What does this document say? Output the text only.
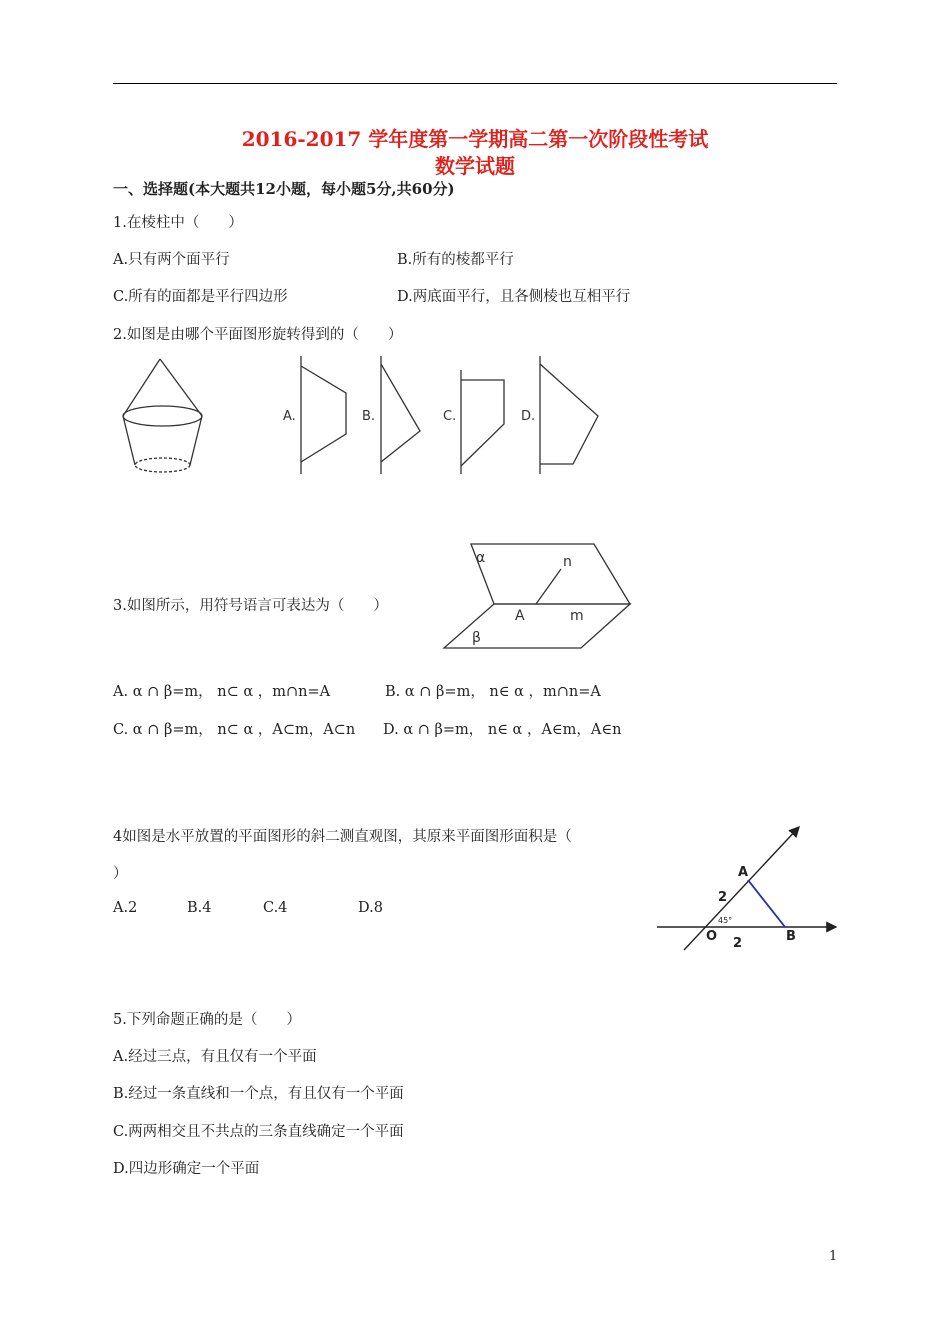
2016-2017 学年度第一学期高二第一次阶段性考试
数学试题
一、选择题(本大题共12小题，每小题5分,共60分)
1.在棱柱中（　　）
A.只有两个面平行	B.所有的棱都平行
C.所有的面都是平行四边形	D.两底面平行，且各侧棱也互相平行
2.如图是由哪个平面图形旋转得到的（　　）
A.	B.	C.	D.
3.如图所示，用符号语言可表达为（　　）
α	n
A	m
β
A. α ∩ β=m， n⊂ α ，m∩n=A	B. α ∩ β=m， n∈ α ，m∩n=A
C. α ∩ β=m， n⊂ α ，A⊂m，A⊂n D. α ∩ β=m， n∈ α ，A∈m，A∈n
4如图是水平放置的平面图形的斜二测直观图，其原来平面图形面积是（
）
A.2	B.4	C.4	D.8
A
B
O
2
2
45°
5.下列命题正确的是（　　）
A.经过三点，有且仅有一个平面
B.经过一条直线和一个点，有且仅有一个平面
C.两两相交且不共点的三条直线确定一个平面
D.四边形确定一个平面
1
